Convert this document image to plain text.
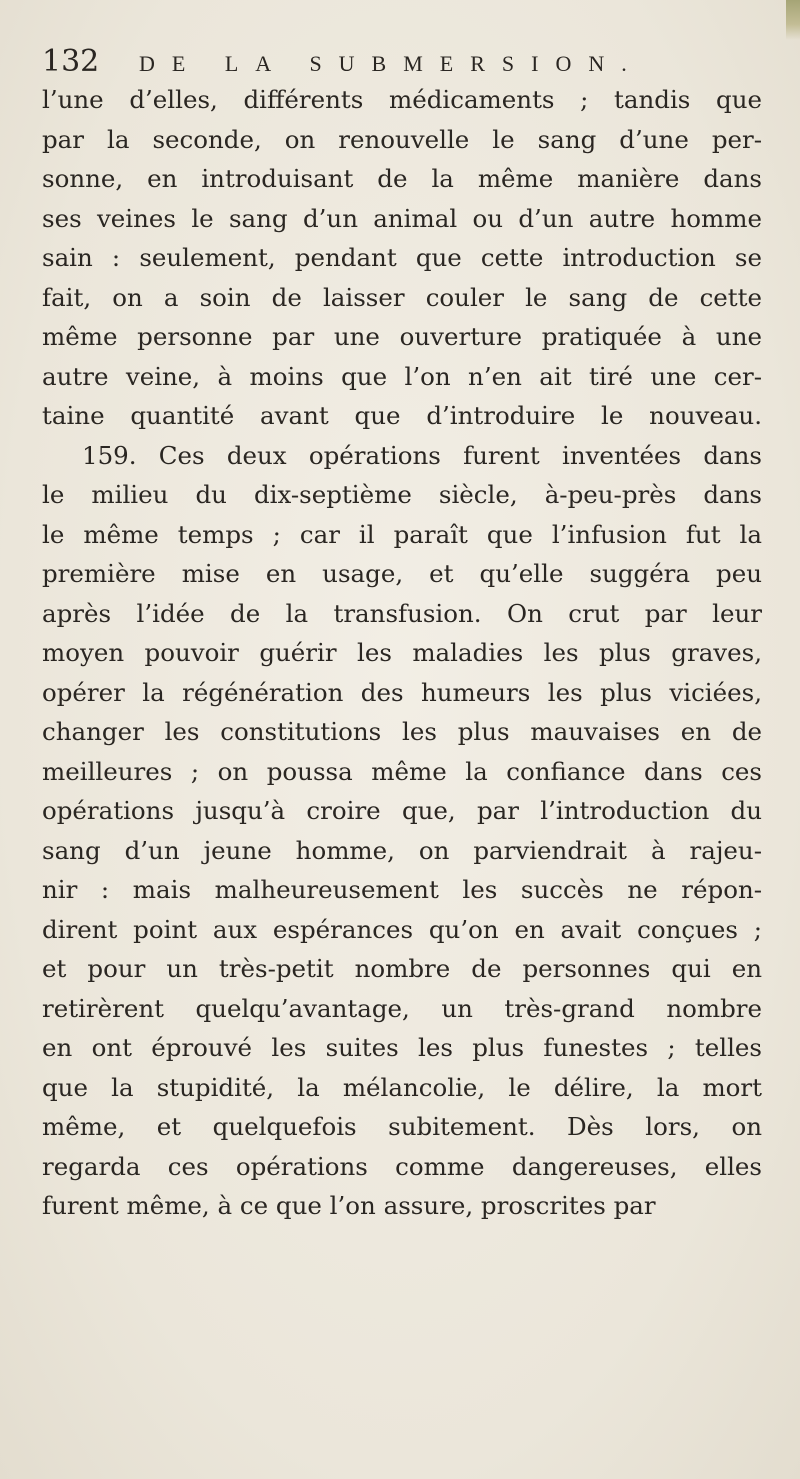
132 DE LA SUBMERSION.
l’une d’elles, différents médicaments ; tandis que
par la seconde, on renouvelle le sang d’une per-
sonne, en introduisant de la même manière dans
ses veines le sang d’un animal ou d’un autre homme
sain : seulement, pendant que cette introduction se
fait, on a soin de laisser couler le sang de cette
même personne par une ouverture pratiquée à une
autre veine, à moins que l’on n’en ait tiré une cer-
taine quantité avant que d’introduire le nouveau.
159. Ces deux opérations furent inventées dans
le milieu du dix-septième siècle, à-peu-près dans
le même temps ; car il paraît que l’infusion fut la
première mise en usage, et qu’elle suggéra peu
après l’idée de la transfusion. On crut par leur
moyen pouvoir guérir les maladies les plus graves,
opérer la régénération des humeurs les plus viciées,
changer les constitutions les plus mauvaises en de
meilleures ; on poussa même la confiance dans ces
opérations jusqu’à croire que, par l’introduction du
sang d’un jeune homme, on parviendrait à rajeu-
nir : mais malheureusement les succès ne répon-
dirent point aux espérances qu’on en avait conçues ;
et pour un très-petit nombre de personnes qui en
retirèrent quelqu’avantage, un très-grand nombre
en ont éprouvé les suites les plus funestes ; telles
que la stupidité, la mélancolie, le délire, la mort
même, et quelquefois subitement. Dès lors, on
regarda ces opérations comme dangereuses, elles
furent même, à ce que l’on assure, proscrites par
